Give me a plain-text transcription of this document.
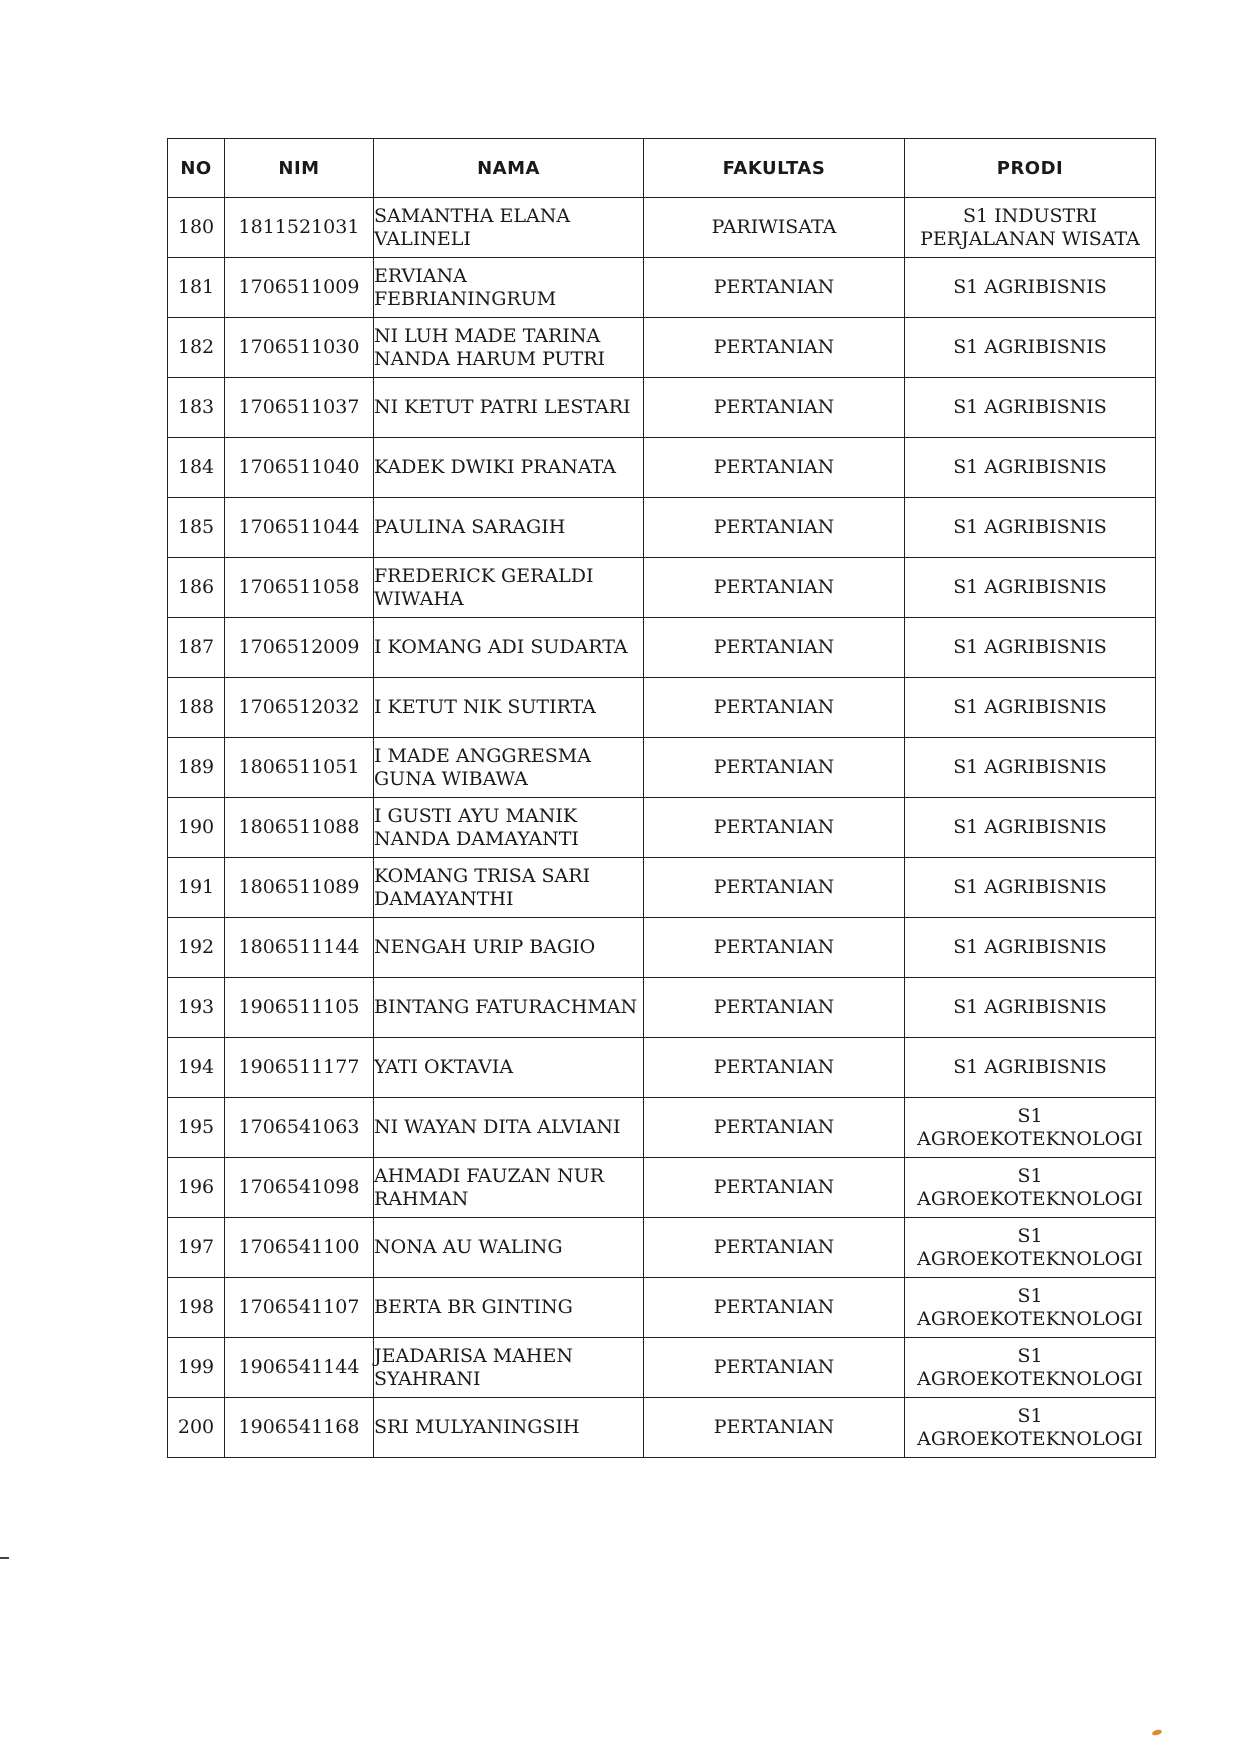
NO	NIM	NAMA	FAKULTAS	PRODI
180	1811521031	SAMANTHA ELANA VALINELI	PARIWISATA	S1 INDUSTRI PERJALANAN WISATA
181	1706511009	ERVIANA FEBRIANINGRUM	PERTANIAN	S1 AGRIBISNIS
182	1706511030	NI LUH MADE TARINA NANDA HARUM PUTRI	PERTANIAN	S1 AGRIBISNIS
183	1706511037	NI KETUT PATRI LESTARI	PERTANIAN	S1 AGRIBISNIS
184	1706511040	KADEK DWIKI PRANATA	PERTANIAN	S1 AGRIBISNIS
185	1706511044	PAULINA SARAGIH	PERTANIAN	S1 AGRIBISNIS
186	1706511058	FREDERICK GERALDI WIWAHA	PERTANIAN	S1 AGRIBISNIS
187	1706512009	I KOMANG ADI SUDARTA	PERTANIAN	S1 AGRIBISNIS
188	1706512032	I KETUT NIK SUTIRTA	PERTANIAN	S1 AGRIBISNIS
189	1806511051	I MADE ANGGRESMA GUNA WIBAWA	PERTANIAN	S1 AGRIBISNIS
190	1806511088	I GUSTI AYU MANIK NANDA DAMAYANTI	PERTANIAN	S1 AGRIBISNIS
191	1806511089	KOMANG TRISA SARI DAMAYANTHI	PERTANIAN	S1 AGRIBISNIS
192	1806511144	NENGAH URIP BAGIO	PERTANIAN	S1 AGRIBISNIS
193	1906511105	BINTANG FATURACHMAN	PERTANIAN	S1 AGRIBISNIS
194	1906511177	YATI OKTAVIA	PERTANIAN	S1 AGRIBISNIS
195	1706541063	NI WAYAN DITA ALVIANI	PERTANIAN	S1 AGROEKOTEKNOLOGI
196	1706541098	AHMADI FAUZAN NUR RAHMAN	PERTANIAN	S1 AGROEKOTEKNOLOGI
197	1706541100	NONA AU WALING	PERTANIAN	S1 AGROEKOTEKNOLOGI
198	1706541107	BERTA BR GINTING	PERTANIAN	S1 AGROEKOTEKNOLOGI
199	1906541144	JEADARISA MAHEN SYAHRANI	PERTANIAN	S1 AGROEKOTEKNOLOGI
200	1906541168	SRI MULYANINGSIH	PERTANIAN	S1 AGROEKOTEKNOLOGI
